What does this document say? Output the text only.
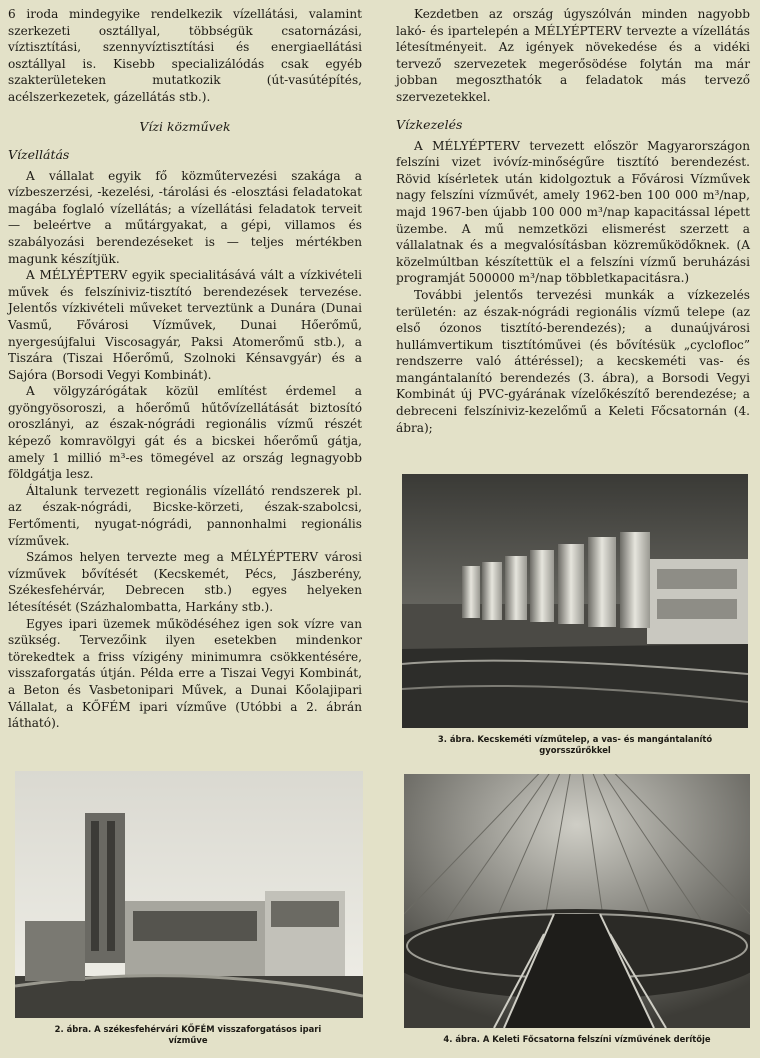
6 iroda mindegyike rendelkezik vízellátási, valamint szerkezeti osztállyal, többségük csatornázási, víztisztítási, szennyvíztisztítási és energiaellátási osztállyal is. Kisebb specializálódás csak egyéb szakterületeken mutatkozik (út-vasútépítés, acélszerkezetek, gázellátás stb.).

Vízi közművek
Vízellátás

A vállalat egyik fő közműtervezési szakága a vízbeszerzési, -kezelési, -tárolási és -elosztási feladatokat magába foglaló vízellátás; a vízellátási feladatok terveit — beleértve a műtárgyakat, a gépi, villamos és szabályozási berendezéseket is — teljes mértékben magunk készítjük.

A MÉLYÉPTERV egyik specialitásává vált a vízkivételi művek és felszíniviz-tisztító berendezések tervezése. Jelentős vízkivételi műveket terveztünk a Dunára (Dunai Vasmű, Fővárosi Vízművek, Dunai Hőerőmű, nyergesújfalui Viscosagyár, Paksi Atomerőmű stb.), a Tiszára (Tiszai Hőerőmű, Szolnoki Kénsavgyár) és a Sajóra (Borsodi Vegyi Kombinát).

A völgyzárógátak közül említést érdemel a gyöngyösoroszi, a hőerőmű hűtővízellátását biztosító oroszlányi, az észak-nógrádi regionális vízmű részét képező komravölgyi gát és a bicskei hőerőmű gátja, amely 1 millió m³-es tömegével az ország legnagyobb földgátja lesz.

Általunk tervezett regionális vízellátó rendszerek pl. az észak-nógrádi, Bicske-körzeti, észak-szabolcsi, Fertőmenti, nyugat-nógrádi, pannonhalmi regionális vízművek.

Számos helyen tervezte meg a MÉLYÉPTERV városi vízművek bővítését (Kecskemét, Pécs, Jászberény, Székesfehérvár, Debrecen stb.) egyes helyeken létesítését (Százhalombatta, Harkány stb.).

Egyes ipari üzemek működéséhez igen sok vízre van szükség. Tervezőink ilyen esetekben mindenkor törekedtek a friss vízigény minimumra csökkentésére, visszaforgatás útján. Példa erre a Tiszai Vegyi Kombinát, a Beton és Vasbetonipari Művek, a Dunai Kőolajipari Vállalat, a KŐFÉM ipari vízműve (Utóbbi a 2. ábrán látható).

Kezdetben az ország úgyszólván minden nagyobb lakó- és ipartelepén a MÉLYÉPTERV tervezte a vízellátás létesítményeit. Az igények növekedése és a vidéki tervező szervezetek megerősödése folytán ma már jobban megoszthatók a feladatok más tervező szervezetekkel.

Vízkezelés

A MÉLYÉPTERV tervezett először Magyarországon felszíni vizet ivóvíz-minőségűre tisztító berendezést. Rövid kísérletek után kidolgoztuk a Fővárosi Vízművek nagy felszíni vízművét, amely 1962-ben 100 000 m³/nap, majd 1967-ben újabb 100 000 m³/nap kapacitással lépett üzembe. A mű nemzetközi elismerést szerzett a vállalatnak és a megvalósításban közreműködőknek. (A közelmúltban készítettük el a felszíni vízmű beruházási programját 500000 m³/nap többletkapacitásra.)

További jelentős tervezési munkák a vízkezelés területén: az észak-nógrádi regionális vízmű telepe (az első ózonos tisztító-berendezés); a dunaújvárosi hullámvertikum tisztítóművei (és bővítésük „cyclofloc” rendszerre való áttéréssel); a kecskeméti vas- és mangántalanító berendezés (3. ábra), a Borsodi Vegyi Kombinát új PVC-gyárának vízelőkészítő berendezése; a debreceni felszíniviz-kezelőmű a Keleti Főcsatornán (4. ábra);

3. ábra. Kecskeméti vízműtelep, a vas- és mangántalanító
gyorsszűrőkkel
2. ábra. A székesfehérvári KŐFÉM visszaforgatásos ipari
vízműve	4. ábra. A Keleti Főcsatorna felszíni vízművének derítője
